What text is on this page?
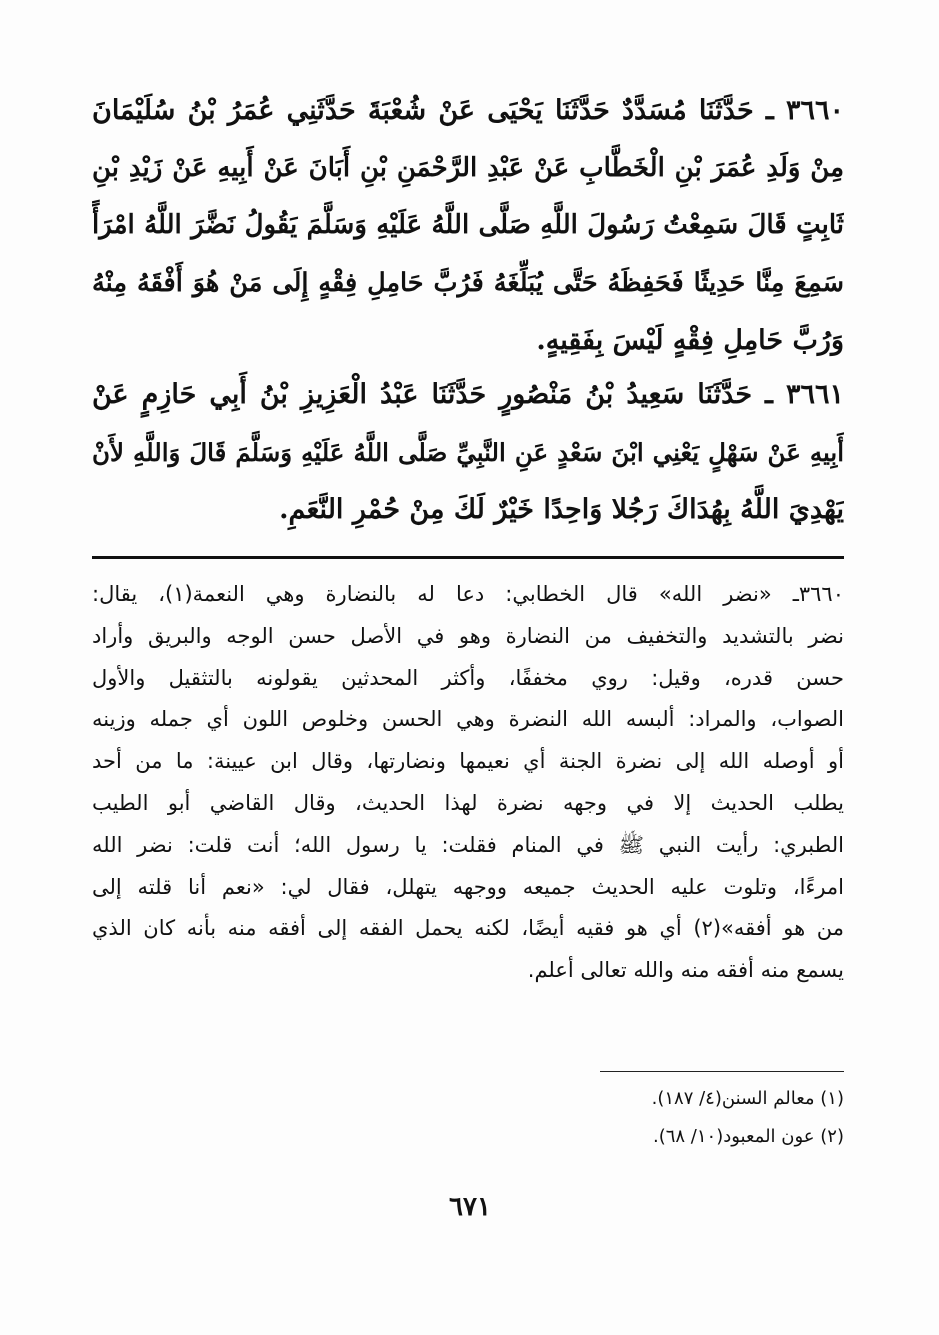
٣٦٦٠ ـ حَدَّثَنَا مُسَدَّدٌ حَدَّثَنَا يَحْيَى عَنْ شُعْبَةَ حَدَّثَنِي عُمَرُ بْنُ سُلَيْمَانَ
مِنْ وَلَدِ عُمَرَ بْنِ الْخَطَّابِ عَنْ عَبْدِ الرَّحْمَنِ بْنِ أَبَانَ عَنْ أَبِيهِ عَنْ زَيْدِ بْنِ
ثَابِتٍ قَالَ سَمِعْتُ رَسُولَ اللَّهِ صَلَّى اللَّهُ عَلَيْهِ وَسَلَّمَ يَقُولُ نَضَّرَ اللَّهُ امْرَأً
سَمِعَ مِنَّا حَدِيثًا فَحَفِظَهُ حَتَّى يُبَلِّغَهُ فَرُبَّ حَامِلِ فِقْهٍ إِلَى مَنْ هُوَ أَفْقَهُ مِنْهُ
وَرُبَّ حَامِلِ فِقْهٍ لَيْسَ بِفَقِيهٍ.
٣٦٦١ ـ حَدَّثَنَا سَعِيدُ بْنُ مَنْصُورٍ حَدَّثَنَا عَبْدُ الْعَزِيزِ بْنُ أَبِي حَازِمٍ عَنْ
أَبِيهِ عَنْ سَهْلٍ يَعْنِي ابْنَ سَعْدٍ عَنِ النَّبِيِّ صَلَّى اللَّهُ عَلَيْهِ وَسَلَّمَ قَالَ وَاللَّهِ لأَنْ
يَهْدِيَ اللَّهُ بِهُدَاكَ رَجُلا وَاحِدًا خَيْرٌ لَكَ مِنْ حُمْرِ النَّعَمِ.
٣٦٦٠ـ «نضر الله» قال الخطابي: دعا له بالنضارة وهي النعمة(١)، يقال:
نضر بالتشديد والتخفيف من النضارة وهو في الأصل حسن الوجه والبريق وأراد
حسن قدره، وقيل: روي مخففًا، وأكثر المحدثين يقولونه بالتثقيل والأول
الصواب، والمراد: ألبسه الله النضرة وهي الحسن وخلوص اللون أي جمله وزينه
أو أوصله الله إلى نضرة الجنة أي نعيمها ونضارتها، وقال ابن عيينة: ما من أحد
يطلب الحديث إلا في وجهه نضرة لهذا الحديث، وقال القاضي أبو الطيب
الطبري: رأيت النبي ﷺ في المنام فقلت: يا رسول الله؛ أنت قلت: نضر الله
امرءًا، وتلوت عليه الحديث جميعه ووجهه يتهلل، فقال لي: «نعم أنا قلته إلى
من هو أفقه»(٢) أي هو فقيه أيضًا، لكنه يحمل الفقه إلى أفقه منه بأنه كان الذي
يسمع منه أفقه منه والله تعالى أعلم.
(١) معالم السنن(٤/ ١٨٧).
(٢) عون المعبود(١٠/ ٦٨).
٦٧١
